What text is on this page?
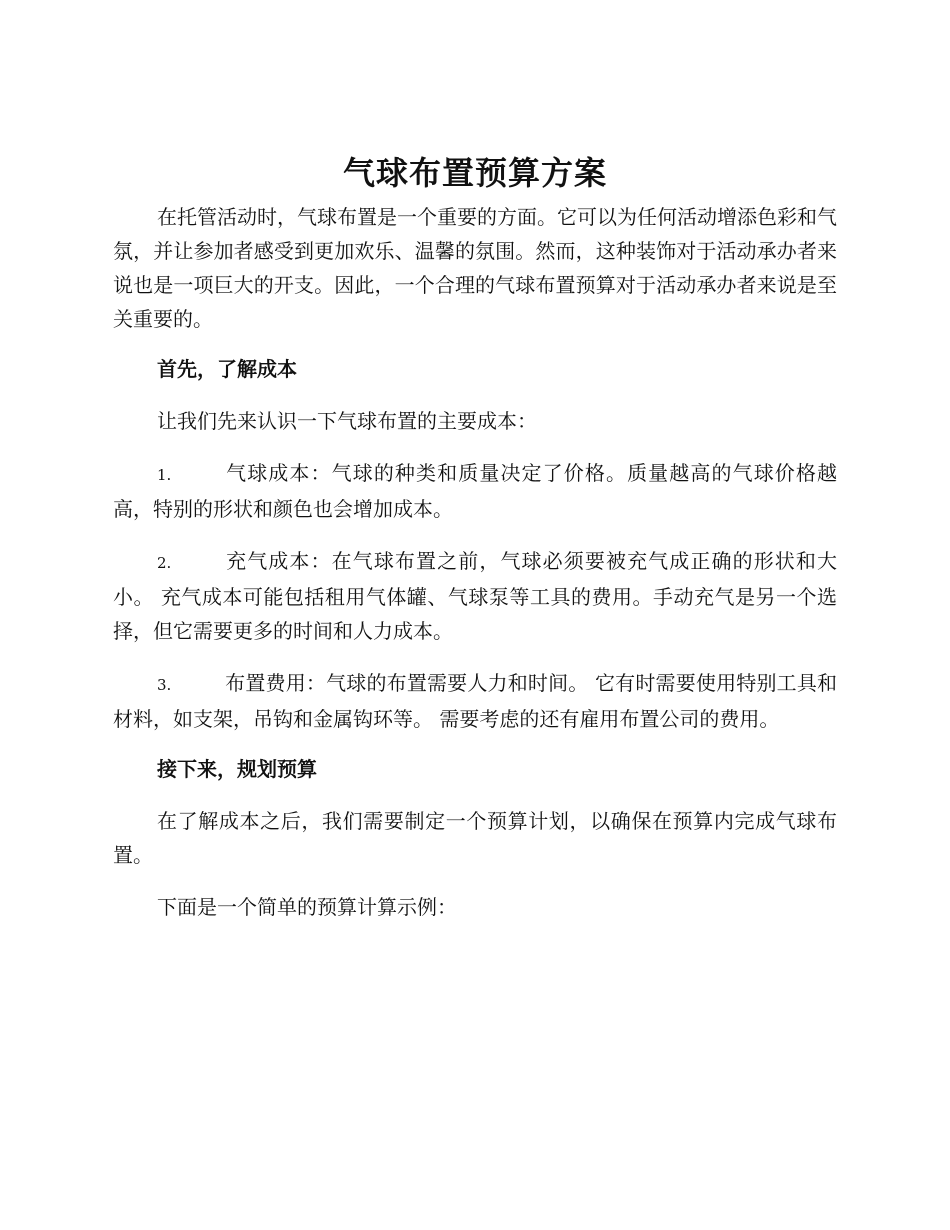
气球布置预算方案

在托管活动时，气球布置是一个重要的方面。它可以为任何活动增添色彩和气氛，并让参加者感受到更加欢乐、温馨的氛围。然而，这种装饰对于活动承办者来说也是一项巨大的开支。因此，一个合理的气球布置预算对于活动承办者来说是至关重要的。

首先，了解成本

让我们先来认识一下气球布置的主要成本：

1.	气球成本：气球的种类和质量决定了价格。质量越高的气球价格越高，特别的形状和颜色也会增加成本。
2.	充气成本：在气球布置之前，气球必须要被充气成正确的形状和大小。 充气成本可能包括租用气体罐、气球泵等工具的费用。手动充气是另一个选择，但它需要更多的时间和人力成本。
3.	布置费用：气球的布置需要人力和时间。 它有时需要使用特别工具和材料，如支架，吊钩和金属钩环等。 需要考虑的还有雇用布置公司的费用。
接下来，规划预算

在了解成本之后，我们需要制定一个预算计划，以确保在预算内完成气球布置。

下面是一个简单的预算计算示例：
